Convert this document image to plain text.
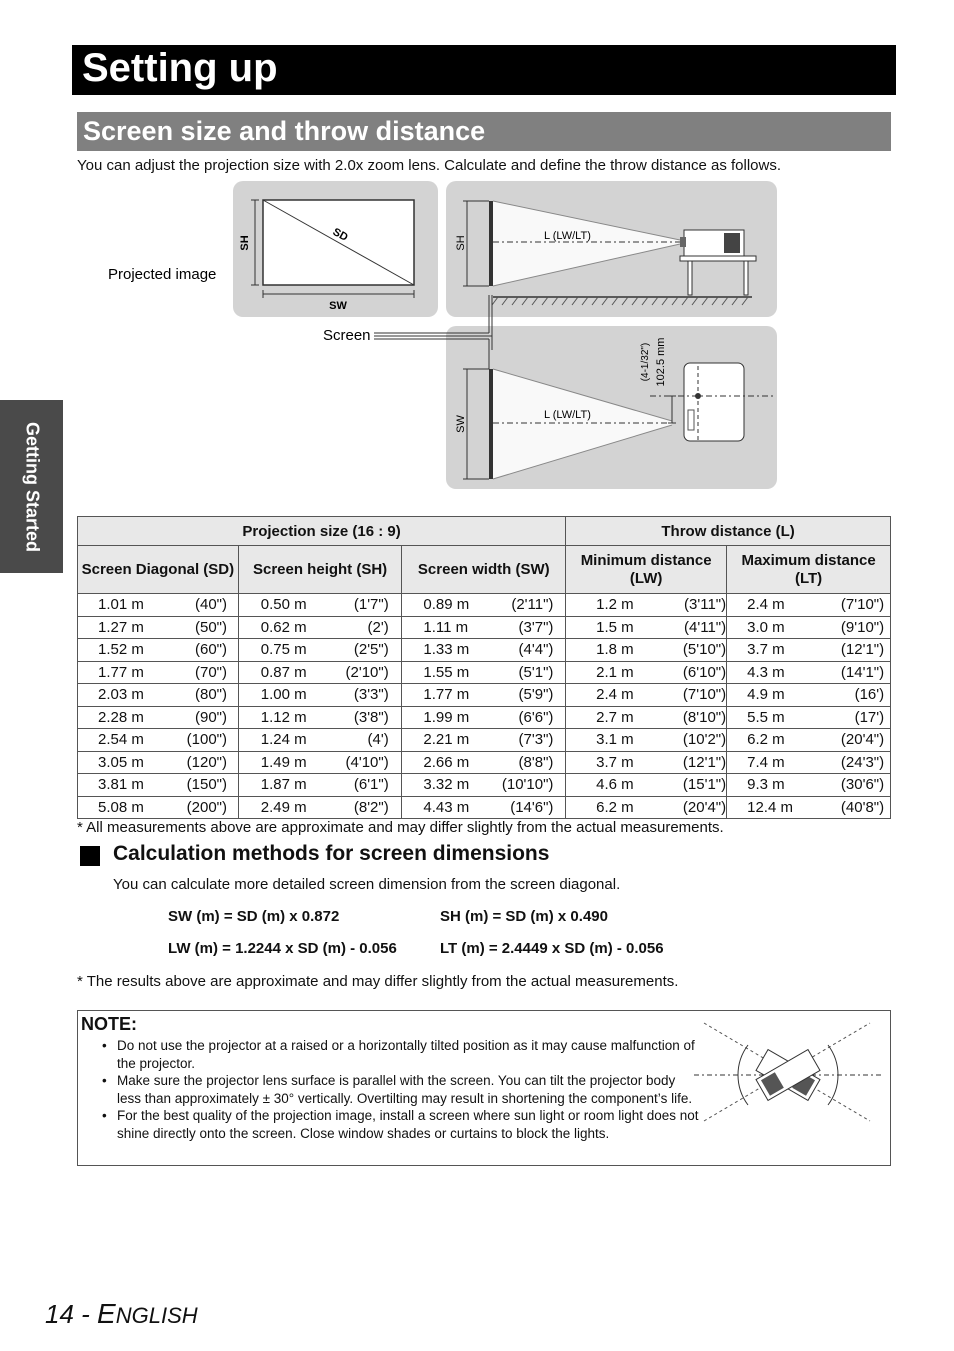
Setting up
Screen size and throw distance
You can adjust the projection size with 2.0x zoom lens. Calculate and define the throw distance as follows.
Getting Started
SD
SH
SW
Projected image
SH	L (LW/LT)
SW
L (LW/LT)
102.5 mm
(4-1/32")
Screen
Projection size (16 : 9)			Throw distance (L)	
Screen Diagonal (SD)	Screen height (SH)	Screen width (SW)	Minimum distance (LW)	Maximum distance (LT)

1.01 m (40")	0.50 m (1'7")	0.89 m (2'11")	1.2 m (3'11")	2.4 m (7'10")

1.27 m (50")	0.62 m (2')	1.11 m (3'7")	1.5 m (4'11")	3.0 m (9'10")

1.52 m (60")	0.75 m (2'5")	1.33 m (4'4")	1.8 m (5'10")	3.7 m (12'1")

1.77 m (70")	0.87 m (2'10")	1.55 m (5'1")	2.1 m (6'10")	4.3 m (14'1")

2.03 m (80")	1.00 m (3'3")	1.77 m (5'9")	2.4 m (7'10")	4.9 m (16')

2.28 m (90")	1.12 m (3'8")	1.99 m (6'6")	2.7 m (8'10")	5.5 m (17')

2.54 m (100")	1.24 m (4')	2.21 m (7'3")	3.1 m (10'2")	6.2 m (20'4")

3.05 m (120")	1.49 m (4'10")	2.66 m (8'8")	3.7 m (12'1")	7.4 m (24'3")

3.81 m (150")	1.87 m (6'1")	3.32 m (10'10")	4.6 m (15'1")	9.3 m (30'6")

5.08 m (200")	2.49 m (8'2")	4.43 m (14'6")	6.2 m (20'4")	12.4 m (40'8")
* All measurements above are approximate and may differ slightly from the actual measurements.
Calculation methods for screen dimensions
You can calculate more detailed screen dimension from the screen diagonal.
SW (m) = SD (m) x 0.872	SH (m) = SD (m) x 0.490
LW (m) = 1.2244 x SD (m) - 0.056	LT (m) = 2.4449 x SD (m) - 0.056
* The results above are approximate and may differ slightly from the actual measurements.
NOTE:
• Do not use the projector at a raised or a horizontally tilted position as it may cause malfunction of the projector.
• Make sure the projector lens surface is parallel with the screen. You can tilt the projector body less than approximately ± 30° vertically. Overtilting may result in shortening the component’s life.
• For the best quality of the projection image, install a screen where sun light or room light does not shine directly onto the screen. Close window shades or curtains to block the lights.
14 - ENGLISH
